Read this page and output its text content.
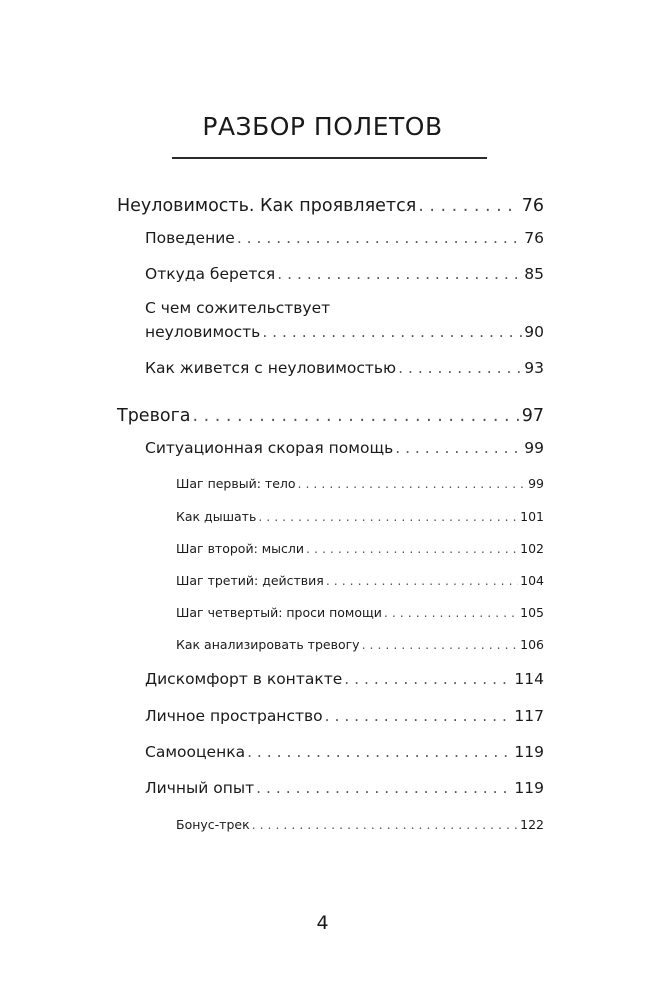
РАЗБОР ПОЛЕТОВ
Неуловимость. Как проявляется . . .	76
Поведение . . .	76
Откуда берется . . .	85
С чем сожительствует
неуловимость . . .	90
Как живется с неуловимостью . . .	93
Тревога . . .	97
Ситуационная скорая помощь . . .	99
Шаг первый: тело . . .	99
Как дышать . . .	101
Шаг второй: мысли . . .	102
Шаг третий: действия . . .	104
Шаг четвертый: проси помощи . . .	105
Как анализировать тревогу . . .	106
Дискомфорт в контакте . . .	114
Личное пространство . . .	117
Самооценка . . .	119
Личный опыт . . .	119
Бонус-трек . . .	122
4
